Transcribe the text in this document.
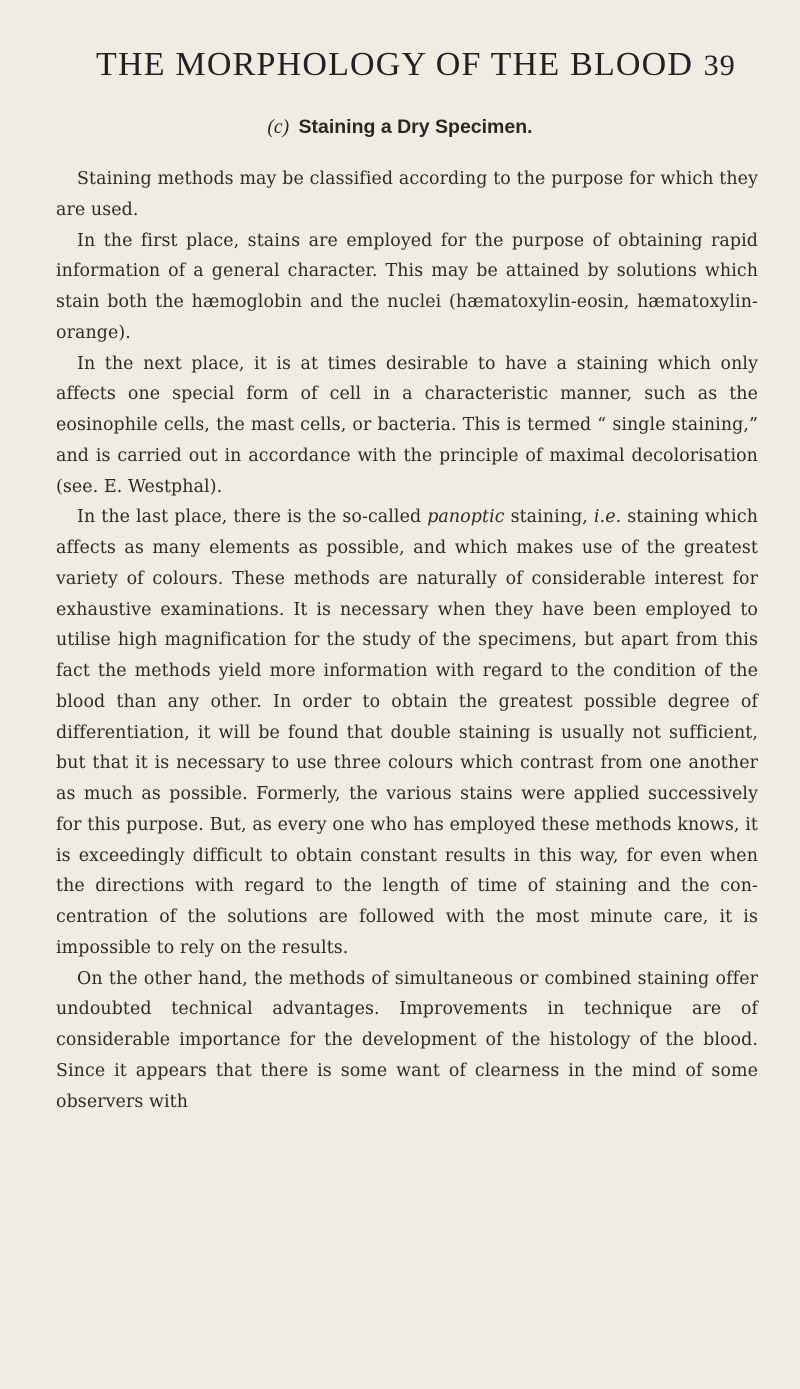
THE MORPHOLOGY OF THE BLOOD 39
(c) Staining a Dry Specimen.

Staining methods may be classified according to the purpose for which they are used.

In the first place, stains are employed for the purpose of obtaining rapid information of a general character. This may be attained by solutions which stain both the hæmoglobin and the nuclei (hæmatoxylin-eosin, hæmatoxylin-orange).

In the next place, it is at times desirable to have a staining which only affects one special form of cell in a characteristic manner, such as the eosinophile cells, the mast cells, or bacteria. This is termed “ single staining,” and is carried out in accordance with the principle of maximal decolorisation (see. E. Westphal).

In the last place, there is the so-called panoptic staining, i.e. staining which affects as many elements as possible, and which makes use of the greatest variety of colours. These methods are naturally of considerable interest for exhaustive examinations. It is necessary when they have been employed to utilise high magnification for the study of the specimens, but apart from this fact the methods yield more information with regard to the condition of the blood than any other. In order to obtain the greatest possible degree of differentiation, it will be found that double staining is usually not sufficient, but that it is necessary to use three colours which contrast from one another as much as possible. Formerly, the various stains were applied successively for this purpose. But, as every one who has employed these methods knows, it is exceedingly difficult to obtain constant results in this way, for even when the directions with regard to the length of time of staining and the con-centration of the solutions are followed with the most minute care, it is impossible to rely on the results.

On the other hand, the methods of simultaneous or combined staining offer undoubted technical advantages. Improvements in technique are of considerable importance for the development of the histology of the blood. Since it appears that there is some want of clearness in the mind of some observers with
